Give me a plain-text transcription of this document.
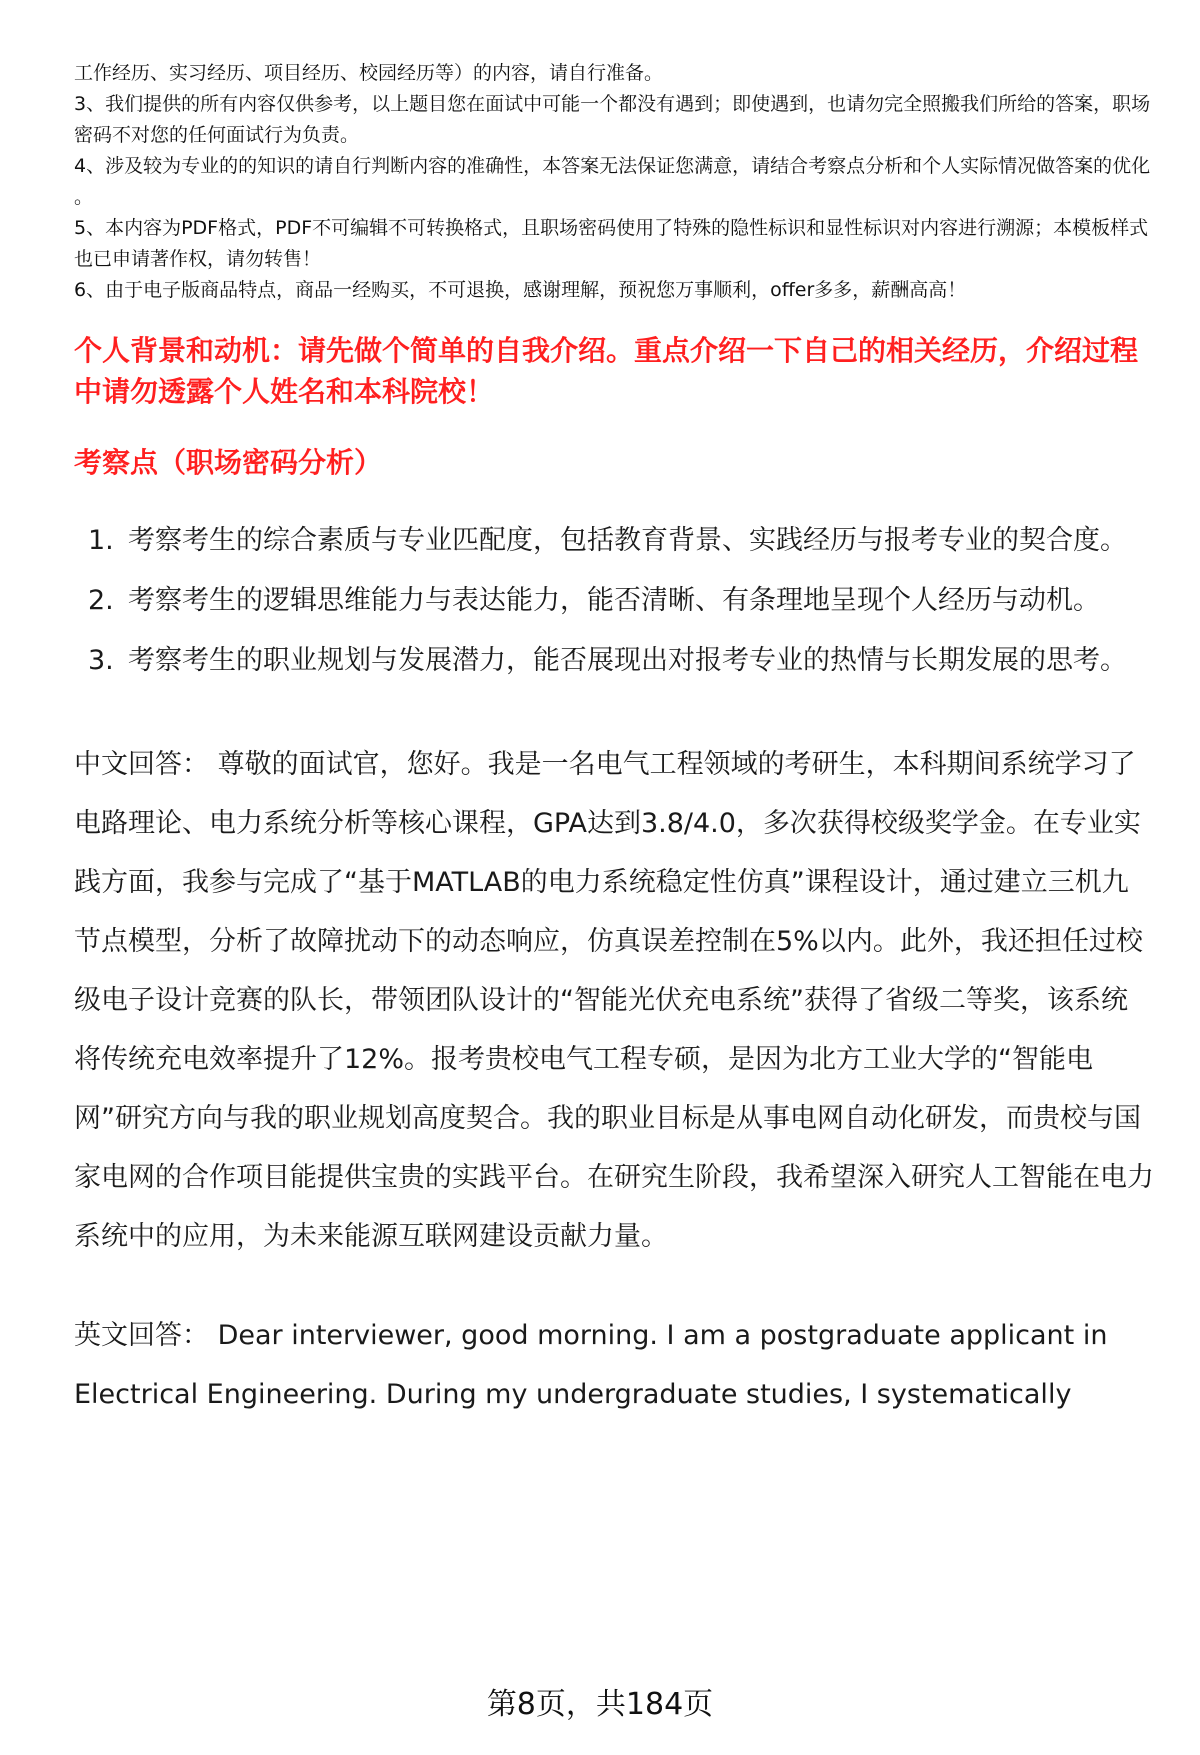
工作经历、实习经历、项目经历、校园经历等）的内容，请自行准备。

3、我们提供的所有内容仅供参考，以上题目您在面试中可能一个都没有遇到；即使遇到，也请勿完全照搬我们所给的答案，职场密码不对您的任何面试行为负责。

4、涉及较为专业的的知识的请自行判断内容的准确性，本答案无法保证您满意，请结合考察点分析和个人实际情况做答案的优化 。

5、本内容为PDF格式，PDF不可编辑不可转换格式，且职场密码使用了特殊的隐性标识和显性标识对内容进行溯源；本模板样式也已申请著作权，请勿转售！

6、由于电子版商品特点，商品一经购买，不可退换，感谢理解，预祝您万事顺利，offer多多，薪酬高高！

个人背景和动机：请先做个简单的自我介绍。重点介绍一下自己的相关经历，介绍过程中请勿透露个人姓名和本科院校！

考察点（职场密码分析）

1. 考察考生的综合素质与专业匹配度，包括教育背景、实践经历与报考专业的契合度。
2. 考察考生的逻辑思维能力与表达能力，能否清晰、有条理地呈现个人经历与动机。
3. 考察考生的职业规划与发展潜力，能否展现出对报考专业的热情与长期发展的思考。

中文回答： 尊敬的面试官，您好。我是一名电气工程领域的考研生，本科期间系统学习了电路理论、电力系统分析等核心课程，GPA达到3.8/4.0，多次获得校级奖学金。在专业实践方面，我参与完成了“基于MATLAB的电力系统稳定性仿真”课程设计，通过建立三机九节点模型，分析了故障扰动下的动态响应，仿真误差控制在5%以内。此外，我还担任过校级电子设计竞赛的队长，带领团队设计的“智能光伏充电系统”获得了省级二等奖，该系统将传统充电效率提升了12%。报考贵校电气工程专硕，是因为北方工业大学的“智能电网”研究方向与我的职业规划高度契合。我的职业目标是从事电网自动化研发，而贵校与国家电网的合作项目能提供宝贵的实践平台。在研究生阶段，我希望深入研究人工智能在电力系统中的应用，为未来能源互联网建设贡献力量。

英文回答： Dear interviewer, good morning. I am a postgraduate applicant in Electrical Engineering. During my undergraduate studies, I systematically

第8页，共184页
